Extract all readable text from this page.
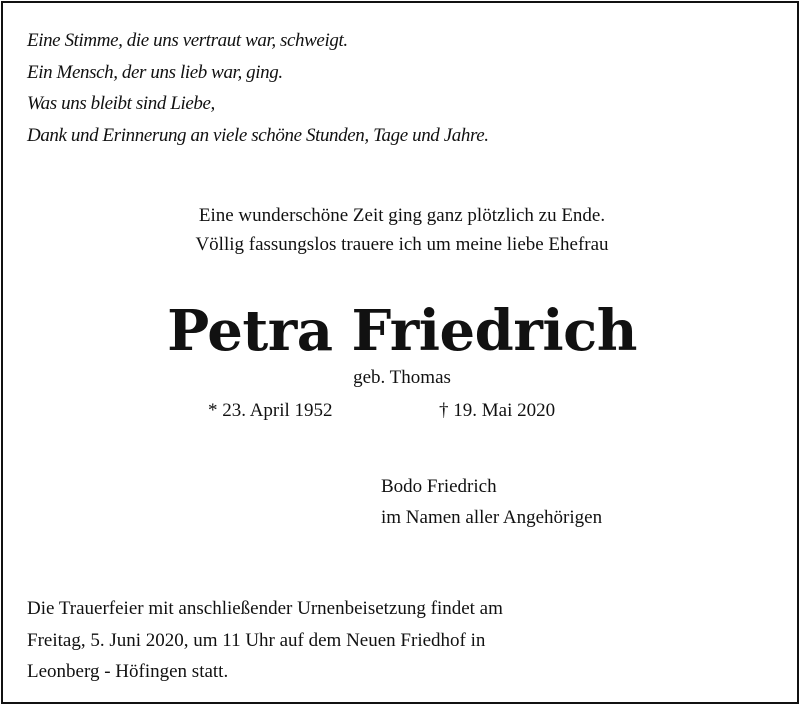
Eine Stimme, die uns vertraut war, schweigt.
Ein Mensch, der uns lieb war, ging.
Was uns bleibt sind Liebe,
Dank und Erinnerung an viele schöne Stunden, Tage und Jahre.
Eine wunderschöne Zeit ging ganz plötzlich zu Ende.
Völlig fassungslos trauere ich um meine liebe Ehefrau
Petra Friedrich
geb. Thomas
* 23. April 1952	† 19. Mai 2020
Bodo Friedrich
im Namen aller Angehörigen
Die Trauerfeier mit anschließender Urnenbeisetzung findet am
Freitag, 5. Juni 2020, um 11 Uhr auf dem Neuen Friedhof in
Leonberg - Höfingen statt.
